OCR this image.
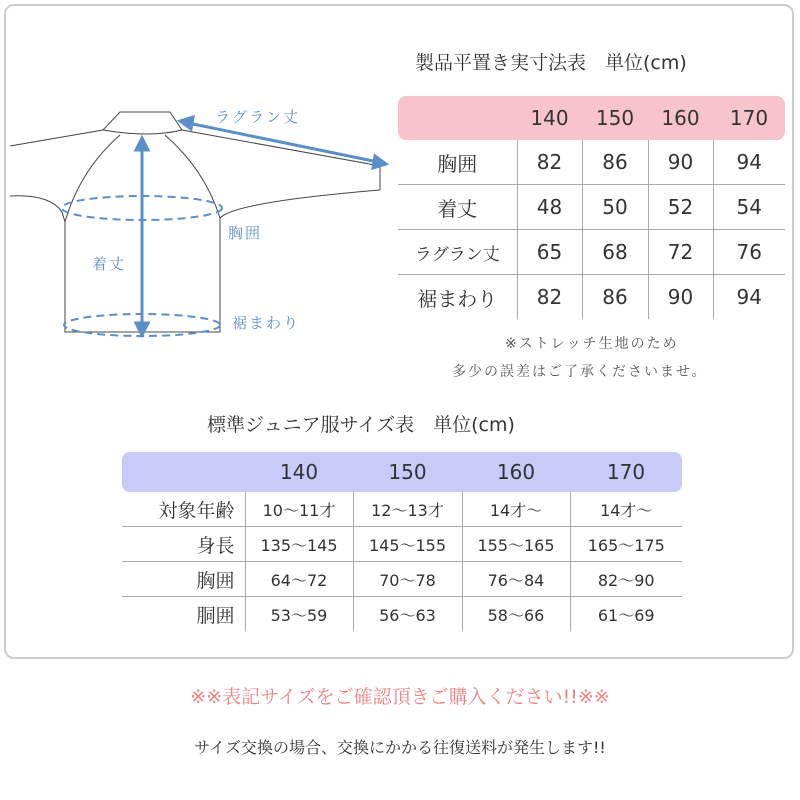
ラグラン丈
着丈
胸囲
裾まわり
製品平置き実寸法表　単位(cm)
	140	150	160	170
胸囲	82	86	90	94
着丈	48	50	52	54
ラグラン丈	65	68	72	76
裾まわり	82	86	90	94
※ストレッチ生地のため
多少の誤差はご了承くださいませ。
標準ジュニア服サイズ表　単位(cm)
	140	150	160	170
対象年齢	10〜11才	12〜13才	14才〜	14才〜
身長	135〜145	145〜155	155〜165	165〜175
胸囲	64〜72	70〜78	76〜84	82〜90
胴囲	53〜59	56〜63	58〜66	61〜69
※※表記サイズをご確認頂きご購入ください!!※※
サイズ交換の場合、交換にかかる往復送料が発生します!!
